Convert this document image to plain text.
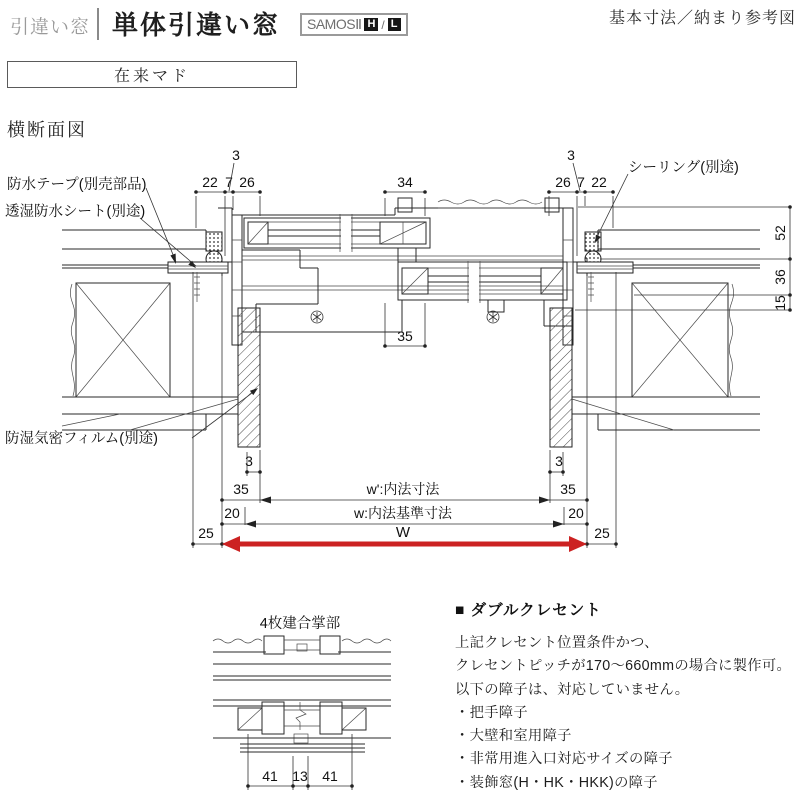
引違い窓 単体引違い窓 SAMOSⅡ H / L	基本寸法／納まり参考図
在来マド
横断面図
防水テープ(別売部品)
透湿防水シート(別途)
シーリング(別途)
防湿気密フィルム(別途)
22 7 26
3
34	26 7 22
3
52
36
15
35
3	3
35	w':内法寸法	35
20	w:内法基準寸法	20
25	W	25
4枚建合掌部
41 13 41
■ ダブルクレセント
上記クレセント位置条件かつ、
クレセントピッチが170〜660mmの場合に製作可。
以下の障子は、対応していません。
・把手障子
・大壁和室用障子
・非常用進入口対応サイズの障子
・装飾窓(H・HK・HKK)の障子
